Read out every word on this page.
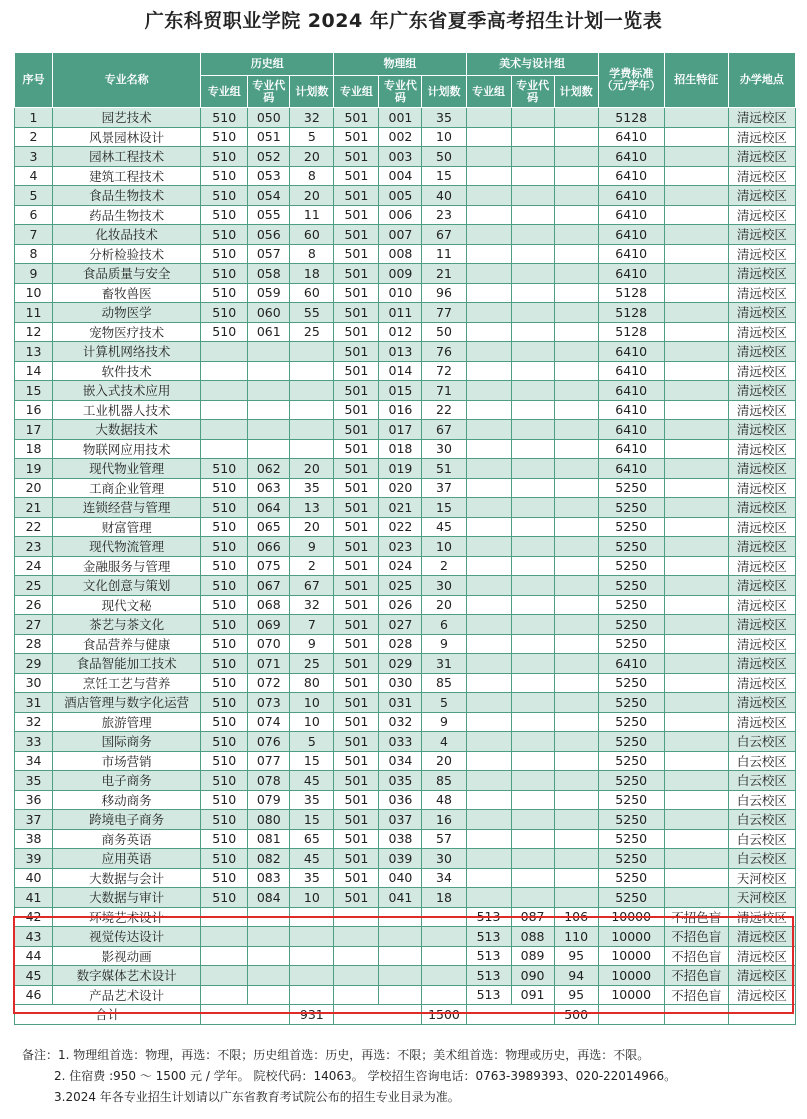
广东科贸职业学院 2024 年广东省夏季高考招生计划一览表
序号	专业名称	历史组			物理组			美术与设计组			学费标准（元/学年）	招生特征	办学地点
		专业组	专业代码	计划数	专业组	专业代码	计划数	专业组	专业代码	计划数			
1	园艺技术	510	050	32	501	001	35				5128		清远校区
2	风景园林设计	510	051	5	501	002	10				6410		清远校区
3	园林工程技术	510	052	20	501	003	50				6410		清远校区
4	建筑工程技术	510	053	8	501	004	15				6410		清远校区
5	食品生物技术	510	054	20	501	005	40				6410		清远校区
6	药品生物技术	510	055	11	501	006	23				6410		清远校区
7	化妆品技术	510	056	60	501	007	67				6410		清远校区
8	分析检验技术	510	057	8	501	008	11				6410		清远校区
9	食品质量与安全	510	058	18	501	009	21				6410		清远校区
10	畜牧兽医	510	059	60	501	010	96				5128		清远校区
11	动物医学	510	060	55	501	011	77				5128		清远校区
12	宠物医疗技术	510	061	25	501	012	50				5128		清远校区
13	计算机网络技术				501	013	76				6410		清远校区
14	软件技术				501	014	72				6410		清远校区
15	嵌入式技术应用				501	015	71				6410		清远校区
16	工业机器人技术				501	016	22				6410		清远校区
17	大数据技术				501	017	67				6410		清远校区
18	物联网应用技术				501	018	30				6410		清远校区
19	现代物业管理	510	062	20	501	019	51				6410		清远校区
20	工商企业管理	510	063	35	501	020	37				5250		清远校区
21	连锁经营与管理	510	064	13	501	021	15				5250		清远校区
22	财富管理	510	065	20	501	022	45				5250		清远校区
23	现代物流管理	510	066	9	501	023	10				5250		清远校区
24	金融服务与管理	510	075	2	501	024	2				5250		清远校区
25	文化创意与策划	510	067	67	501	025	30				5250		清远校区
26	现代文秘	510	068	32	501	026	20				5250		清远校区
27	茶艺与茶文化	510	069	7	501	027	6				5250		清远校区
28	食品营养与健康	510	070	9	501	028	9				5250		清远校区
29	食品智能加工技术	510	071	25	501	029	31				6410		清远校区
30	烹饪工艺与营养	510	072	80	501	030	85				5250		清远校区
31	酒店管理与数字化运营	510	073	10	501	031	5				5250		清远校区
32	旅游管理	510	074	10	501	032	9				5250		清远校区
33	国际商务	510	076	5	501	033	4				5250		白云校区
34	市场营销	510	077	15	501	034	20				5250		白云校区
35	电子商务	510	078	45	501	035	85				5250		白云校区
36	移动商务	510	079	35	501	036	48				5250		白云校区
37	跨境电子商务	510	080	15	501	037	16				5250		白云校区
38	商务英语	510	081	65	501	038	57				5250		白云校区
39	应用英语	510	082	45	501	039	30				5250		白云校区
40	大数据与会计	510	083	35	501	040	34				5250		天河校区
41	大数据与审计	510	084	10	501	041	18				5250		天河校区
42	环境艺术设计							513	087	106	10000	不招色盲	清远校区
43	视觉传达设计							513	088	110	10000	不招色盲	清远校区
44	影视动画							513	089	95	10000	不招色盲	清远校区
45	数字媒体艺术设计							513	090	94	10000	不招色盲	清远校区
46	产品艺术设计							513	091	95	10000	不招色盲	清远校区
合计				931			1500			500			
备注：1. 物理组首选：物理，再选：不限；历史组首选：历史，再选：不限；美术组首选：物理或历史，再选：不限。
2. 住宿费 :950 ～ 1500 元 / 学年。 院校代码：14063。 学校招生咨询电话：0763-3989393、020-22014966。
3.2024 年各专业招生计划请以广东省教育考试院公布的招生专业目录为准。
